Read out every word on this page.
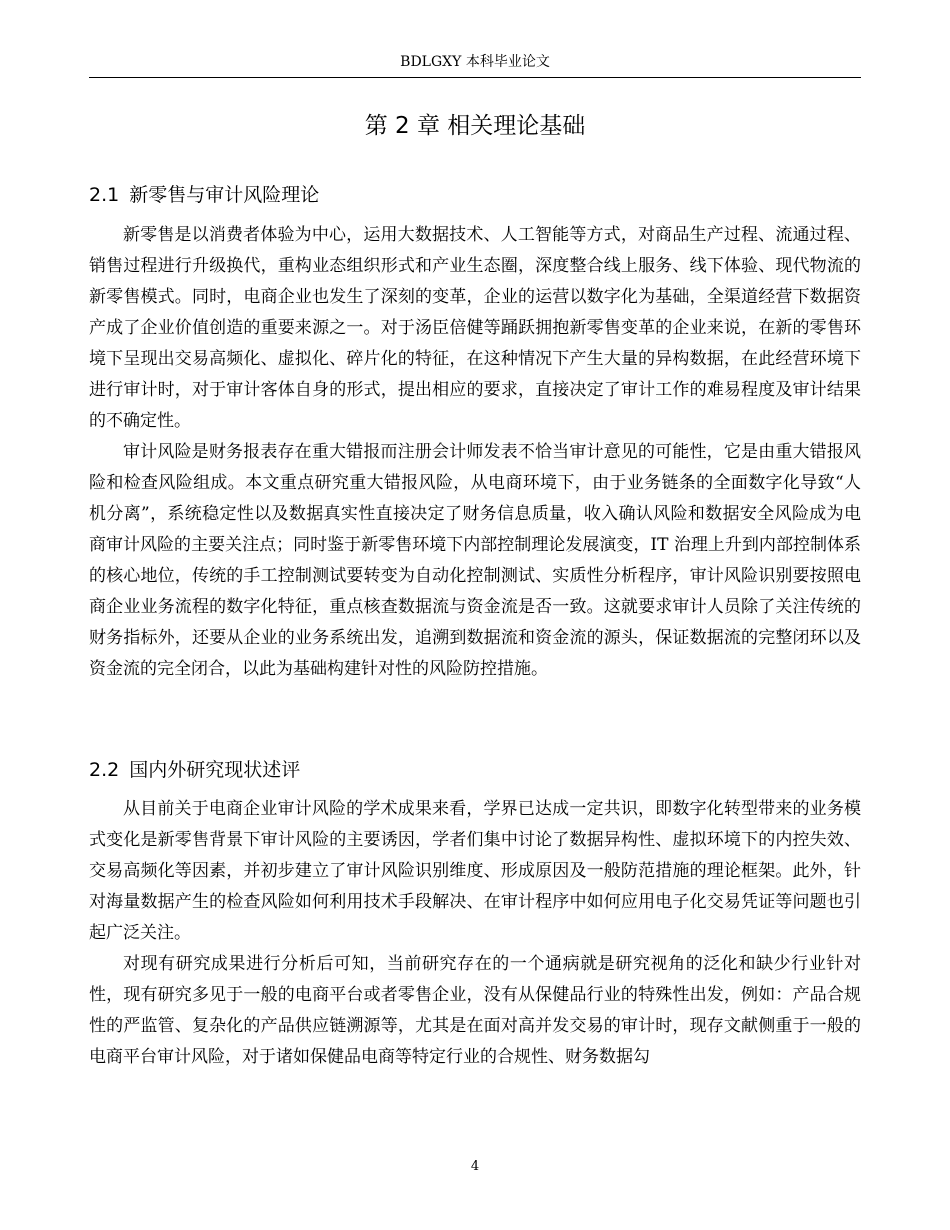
BDLGXY 本科毕业论文
第 2 章 相关理论基础
2.1 新零售与审计风险理论

新零售是以消费者体验为中心，运用大数据技术、人工智能等方式，对商品生产过程、流通过程、销售过程进行升级换代，重构业态组织形式和产业生态圈，深度整合线上服务、线下体验、现代物流的新零售模式。同时，电商企业也发生了深刻的变革，企业的运营以数字化为基础，全渠道经营下数据资产成了企业价值创造的重要来源之一。对于汤臣倍健等踊跃拥抱新零售变革的企业来说，在新的零售环境下呈现出交易高频化、虚拟化、碎片化的特征，在这种情况下产生大量的异构数据，在此经营环境下进行审计时，对于审计客体自身的形式，提出相应的要求，直接决定了审计工作的难易程度及审计结果的不确定性。

审计风险是财务报表存在重大错报而注册会计师发表不恰当审计意见的可能性，它是由重大错报风险和检查风险组成。本文重点研究重大错报风险，从电商环境下，由于业务链条的全面数字化导致“人机分离”，系统稳定性以及数据真实性直接决定了财务信息质量，收入确认风险和数据安全风险成为电商审计风险的主要关注点；同时鉴于新零售环境下内部控制理论发展演变，IT 治理上升到内部控制体系的核心地位，传统的手工控制测试要转变为自动化控制测试、实质性分析程序，审计风险识别要按照电商企业业务流程的数字化特征，重点核查数据流与资金流是否一致。这就要求审计人员除了关注传统的财务指标外，还要从企业的业务系统出发，追溯到数据流和资金流的源头，保证数据流的完整闭环以及资金流的完全闭合，以此为基础构建针对性的风险防控措施。

2.2 国内外研究现状述评

从目前关于电商企业审计风险的学术成果来看，学界已达成一定共识，即数字化转型带来的业务模式变化是新零售背景下审计风险的主要诱因，学者们集中讨论了数据异构性、虚拟环境下的内控失效、交易高频化等因素，并初步建立了审计风险识别维度、形成原因及一般防范措施的理论框架。此外，针对海量数据产生的检查风险如何利用技术手段解决、在审计程序中如何应用电子化交易凭证等问题也引起广泛关注。

对现有研究成果进行分析后可知，当前研究存在的一个通病就是研究视角的泛化和缺少行业针对性，现有研究多见于一般的电商平台或者零售企业，没有从保健品行业的特殊性出发，例如：产品合规性的严监管、复杂化的产品供应链溯源等，尤其是在面对高并发交易的审计时，现存文献侧重于一般的电商平台审计风险，对于诸如保健品电商等特定行业的合规性、财务数据勾

4
